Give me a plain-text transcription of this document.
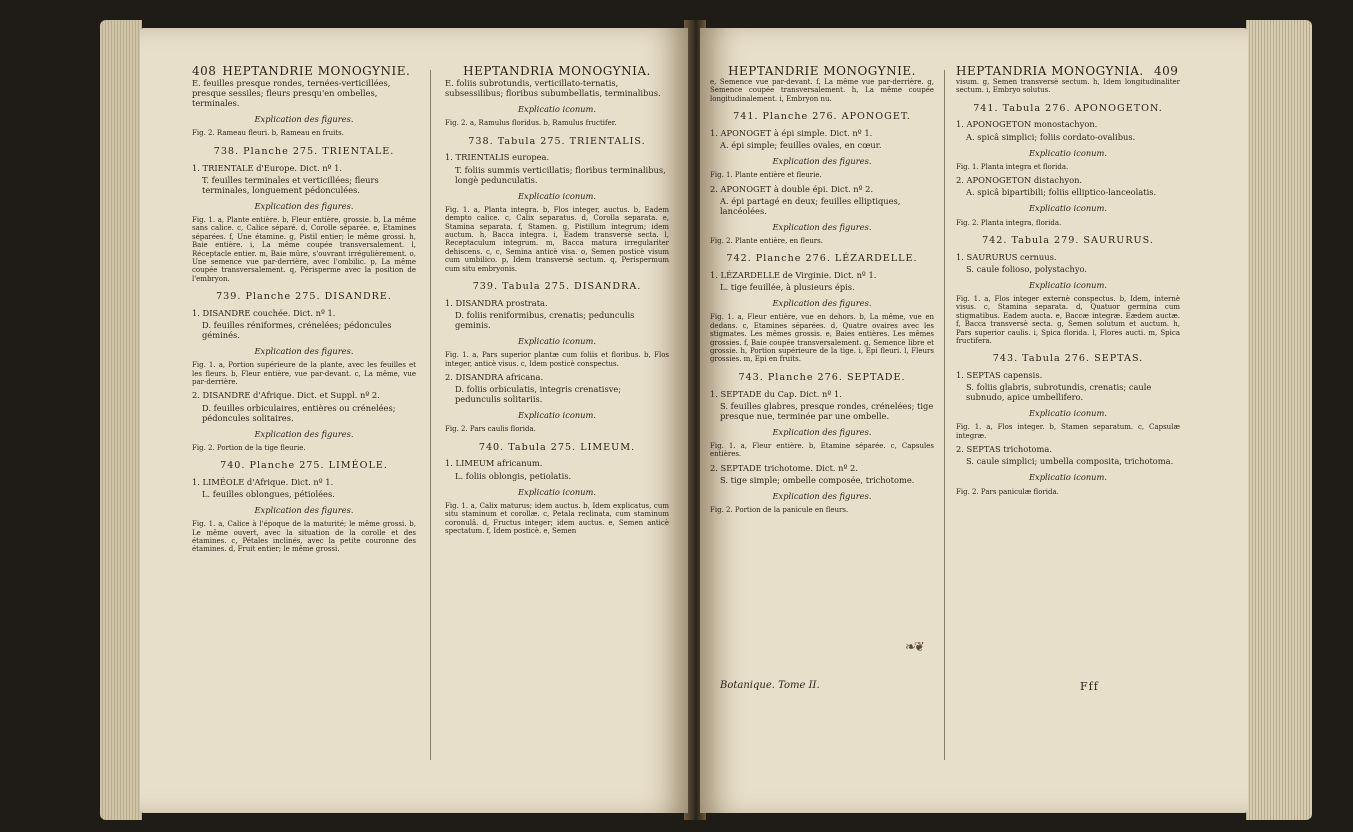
408 HEPTANDRIE MONOGYNIE.
E. feuilles presque rondes, ternées-verticillées, presque sessiles; fleurs presqu'en ombelles, terminales.
Explication des figures.
Fig. 2. Rameau fleuri. b, Rameau en fruits.
738. Planche 275. TRIENTALE.
1. TRIENTALE d'Europe. Dict. nº 1.
T. feuilles terminales et verticillées; fleurs terminales, longuement pédonculées.
Explication des figures.
Fig. 1. a, Plante entière. b, Fleur entière, grossie. b, La même sans calice. c, Calice séparé. d, Corolle séparée. e, Etamines séparées. f, Une étamine. g, Pistil entier; le même grossi. h, Baie entière. i, La même coupée transversalement. l, Réceptacle entier. m, Baie mûre, s'ouvrant irrégulièrement. o, Une semence vue par-derrière, avec l'ombilic. p, La même coupée transversalement. q, Périsperme avec la position de l'embryon.
739. Planche 275. DISANDRE.
1. DISANDRE couchée. Dict. nº 1.
D. feuilles réniformes, crénelées; pédoncules géminés.
Explication des figures.
Fig. 1. a, Portion supérieure de la plante, avec les feuilles et les fleurs. b, Fleur entière, vue par-devant. c, La même, vue par-derrière.
2. DISANDRE d'Afrique. Dict. et Suppl. nº 2.
D. feuilles orbiculaires, entières ou crénelées; pédoncules solitaires.
Explication des figures.
Fig. 2. Portion de la tige fleurie.
740. Planche 275. LIMÉOLE.
1. LIMÉOLE d'Afrique. Dict. nº 1.
L. feuilles oblongues, pétiolées.
Explication des figures.
Fig. 1. a, Calice à l'époque de la maturité; le même grossi. b, Le même ouvert, avec la situation de la corolle et des étamines. c, Pétales inclinés, avec la petite couronne des étamines. d, Fruit entier; le même grossi.
HEPTANDRIA MONOGYNIA.
E. foliis subrotundis, verticillato-ternatis, subsessilibus; floribus subumbellatis, terminalibus.
Explicatio iconum.
Fig. 2. a, Ramulus floridus. b, Ramulus fructifer.
738. Tabula 275. TRIENTALIS.
1. TRIENTALIS europea.
T. foliis summis verticillatis; floribus terminalibus, longè pedunculatis.
Explicatio iconum.
Fig. 1. a, Planta integra. b, Flos integer, auctus. b, Eadem dempto calice. c, Calix separatus. d, Corolla separata. e, Stamina separata. f, Stamen. g, Pistillum integrum; idem auctum. h, Bacca integra. i, Eadem transversè secta. l, Receptaculum integrum. m, Bacca matura irregulariter dehiscens. c, c, Semina anticè visa. o, Semen posticè visum cum umbilico. p, Idem transversè sectum. q, Perispermum cum situ embryonis.
739. Tabula 275. DISANDRA.
1. DISANDRA prostrata.
D. foliis reniformibus, crenatis; pedunculis geminis.
Explicatio iconum.
Fig. 1. a, Pars superior plantæ cum foliis et floribus. b, Flos integer, anticè visus. c, Idem posticè conspectus.
2. DISANDRA africana.
D. foliis orbiculatis, integris crenatisve; pedunculis solitariis.
Explicatio iconum.
Fig. 2. Pars caulis florida.
740. Tabula 275. LIMEUM.
1. LIMEUM africanum.
L. foliis oblongis, petiolatis.
Explicatio iconum.
Fig. 1. a, Calix maturus; idem auctus. b, Idem explicatus, cum situ staminum et corollæ. c, Petala reclinata, cum staminum coronulâ. d, Fructus integer; idem auctus. e, Semen anticè spectatum. f, Idem posticè. e, Semen
HEPTANDRIE MONOGYNIE.
e, Semence vue par-devant. f, La même vue par-derrière. g, Semence coupée transversalement. h, La même coupée longitudinalement. i, Embryon nu.
741. Planche 276. APONOGET.
1. APONOGET à épi simple. Dict. nº 1.
A. épi simple; feuilles ovales, en cœur.
Explication des figures.
Fig. 1. Plante entière et fleurie.
2. APONOGET à double épi. Dict. nº 2.
A. épi partagé en deux; feuilles elliptiques, lancéolées.
Explication des figures.
Fig. 2. Plante entière, en fleurs.
742. Planche 276. LÉZARDELLE.
1. LÉZARDELLE de Virginie. Dict. nº 1.
L. tige feuillée, à plusieurs épis.
Explication des figures.
Fig. 1. a, Fleur entière, vue en dehors. b, La même, vue en dedans. c, Etamines séparées. d, Quatre ovaires avec les stigmates. Les mêmes grossis. e, Baies entières. Les mêmes grossies. f, Baie coupée transversalement. g, Semence libre et grossie. h, Portion supérieure de la tige. i, Epi fleuri. l, Fleurs grossies. m, Epi en fruits.
743. Planche 276. SEPTADE.
1. SEPTADE du Cap. Dict. nº 1.
S. feuilles glabres, presque rondes, crénelées; tige presque nue, terminée par une ombelle.
Explication des figures.
Fig. 1. a, Fleur entière. b, Etamine séparée. c, Capsules entières.
2. SEPTADE trichotome. Dict. nº 2.
S. tige simple; ombelle composée, trichotome.
Explication des figures.
Fig. 2. Portion de la panicule en fleurs.
HEPTANDRIA MONOGYNIA. 409
visum. g, Semen transversè sectum. h, Idem longitudinaliter sectum. i, Embryo solutus.
741. Tabula 276. APONOGETON.
1. APONOGETON monostachyon.
A. spicâ simplici; foliis cordato-ovalibus.
Explicatio iconum.
Fig. 1. Planta integra et florida.
2. APONOGETON distachyon.
A. spicâ bipartibili; foliis elliptico-lanceolatis.
Explicatio iconum.
Fig. 2. Planta integra, florida.
742. Tabula 279. SAURURUS.
1. SAURURUS cernuus.
S. caule folioso, polystachyo.
Explicatio iconum.
Fig. 1. a, Flos integer externè conspectus. b, Idem, internè visus. c, Stamina separata. d, Quatuor germina cum stigmatibus. Eadem aucta. e, Baccæ integræ. Eædem auctæ. f, Bacca transversè secta. g, Semen solutum et auctum. h, Pars superior caulis. i, Spica florida. l, Flores aucti. m, Spica fructifera.
743. Tabula 276. SEPTAS.
1. SEPTAS capensis.
S. foliis glabris, subrotundis, crenatis; caule subnudo, apice umbellifero.
Explicatio iconum.
Fig. 1. a, Flos integer. b, Stamen separatum. c, Capsulæ integræ.
2. SEPTAS trichotoma.
S. caule simplici; umbella composita, trichotoma.
Explicatio iconum.
Fig. 2. Pars paniculæ florida.
❧❦
Botanique. Tome II.	Fff
